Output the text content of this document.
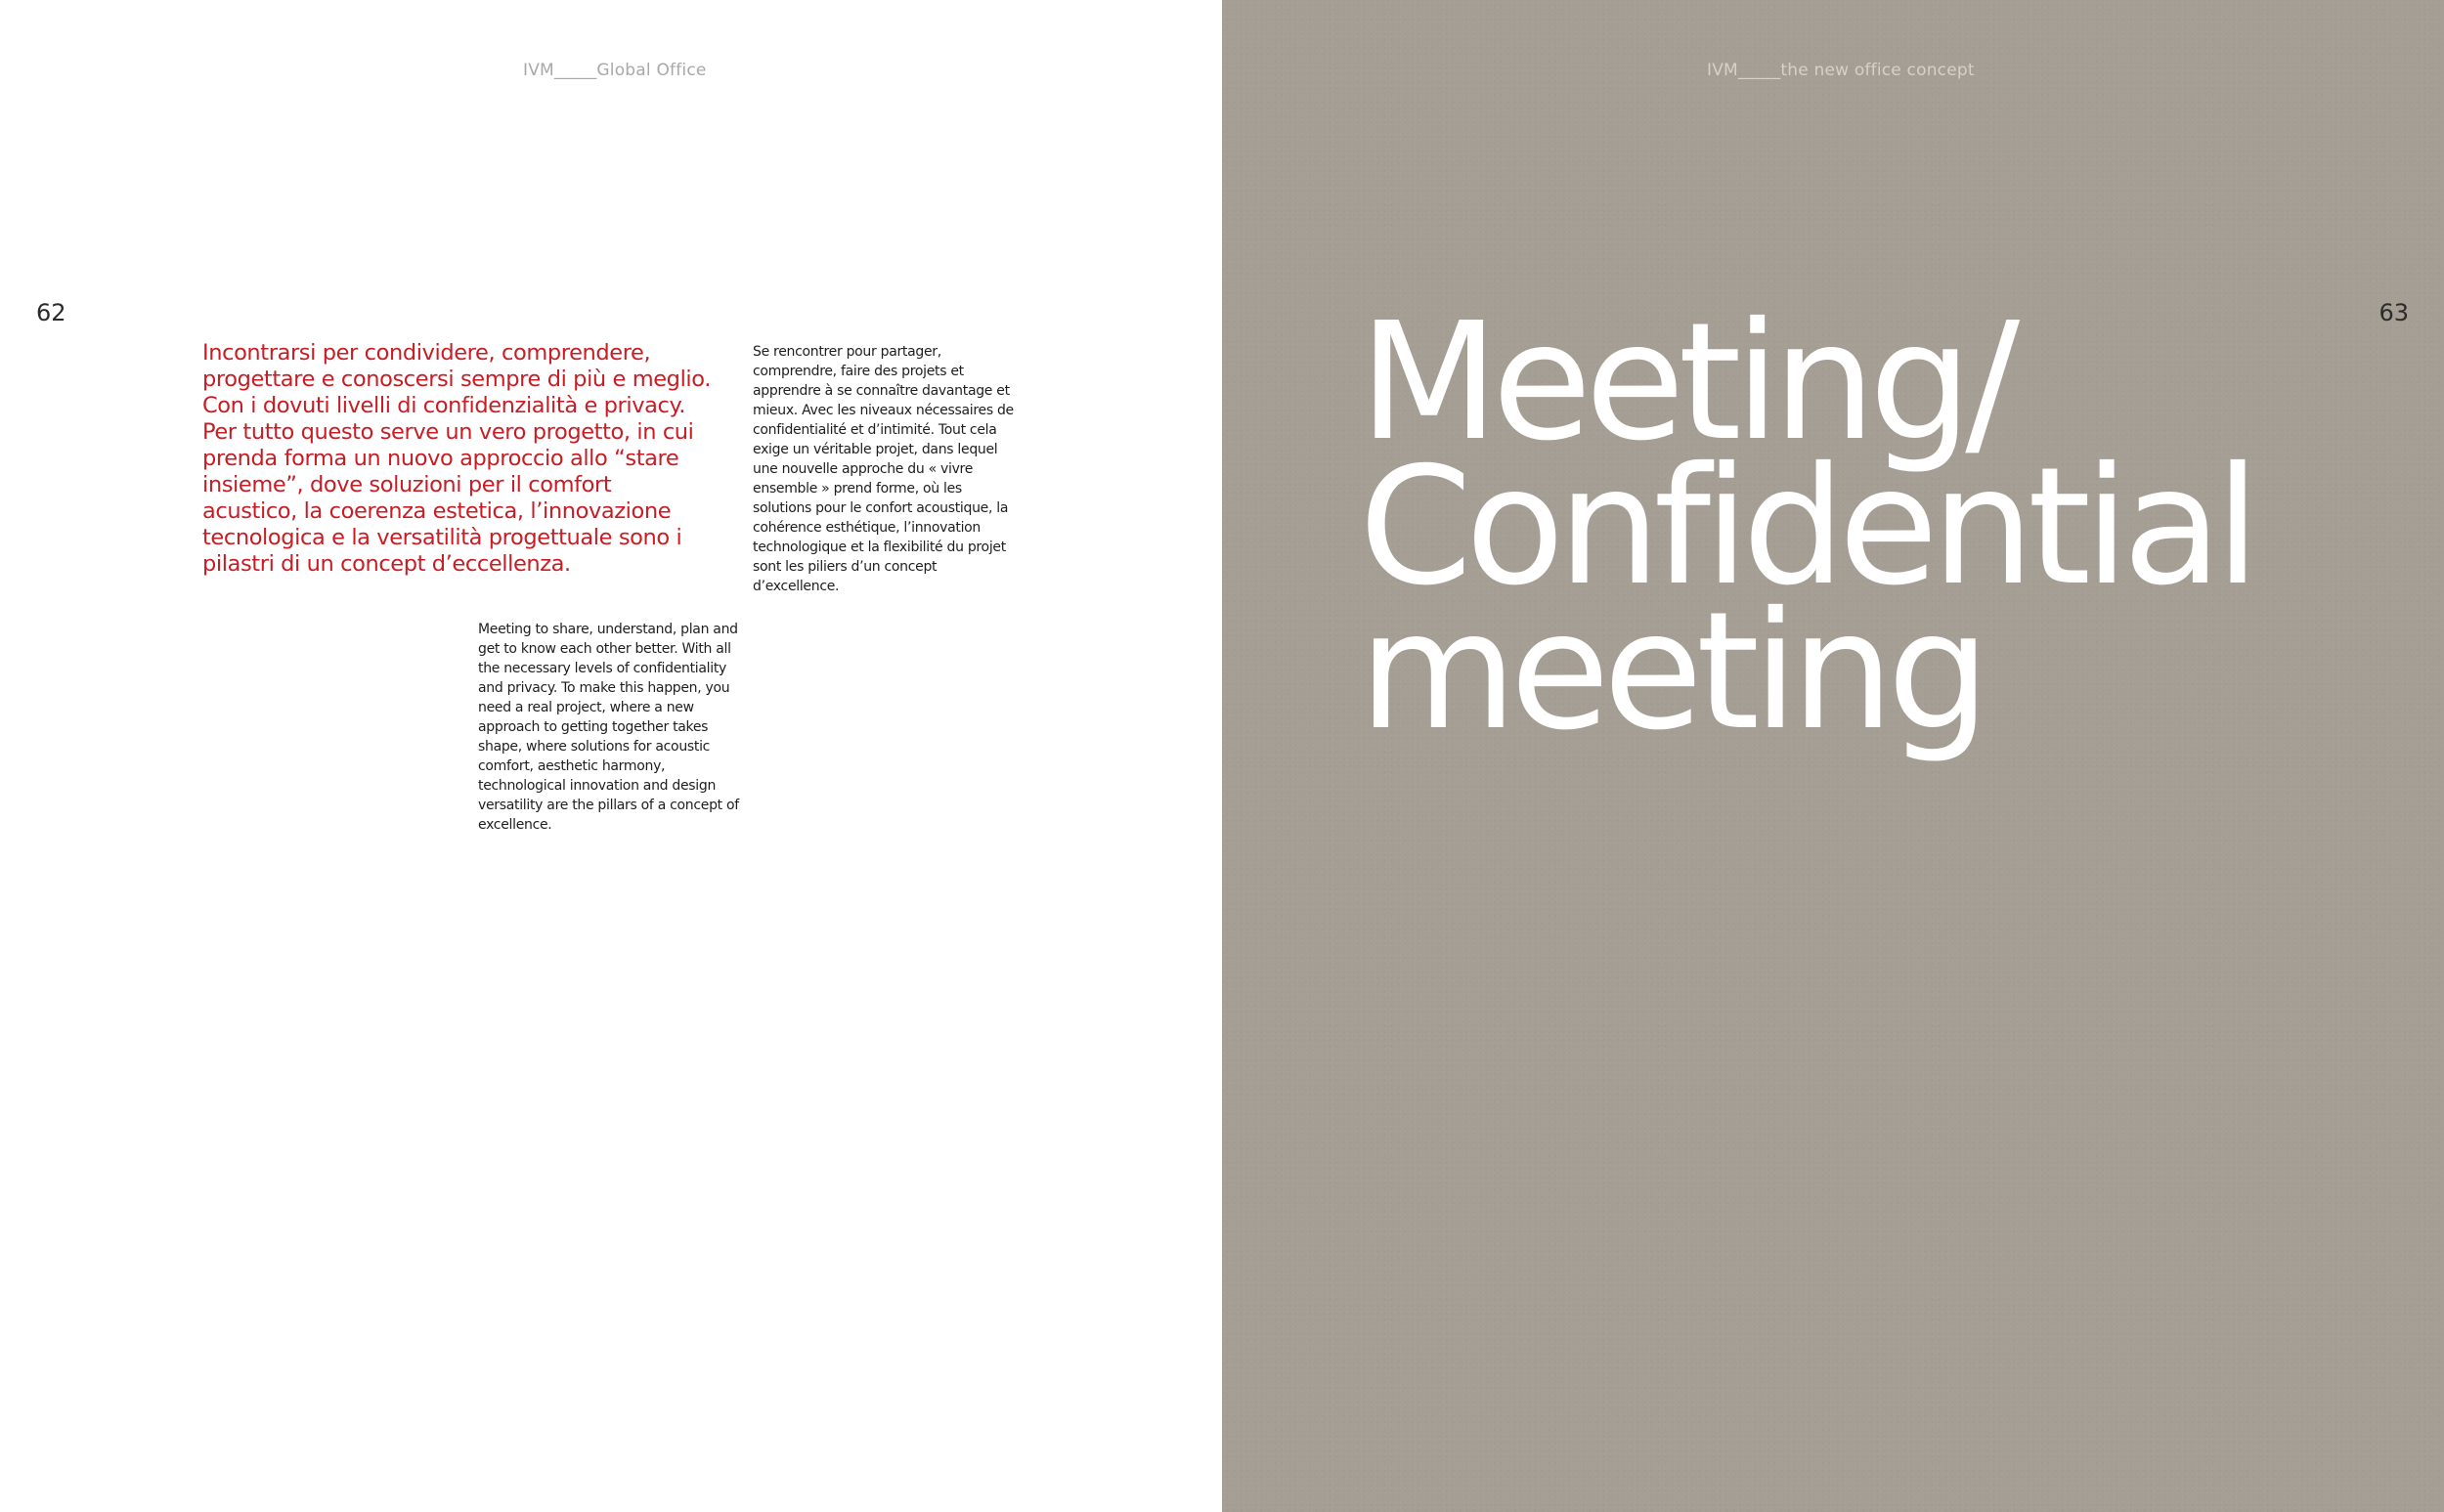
IVM_____Global Office
62

Incontrarsi per condividere, comprendere, progettare e conoscersi sempre di più e meglio. Con i dovuti livelli di confidenzialità e privacy. Per tutto questo serve un vero progetto, in cui prenda forma un nuovo approccio allo “stare insieme”, dove soluzioni per il comfort acustico, la coerenza estetica, l’innovazione tecnologica e la versatilità progettuale sono i pilastri di un concept d’eccellenza.

Se rencontrer pour partager, comprendre, faire des projets et apprendre à se connaître davantage et mieux. Avec les niveaux nécessaires de confidentialité et d’intimité. Tout cela exige un véritable projet, dans lequel une nouvelle approche du « vivre ensemble » prend forme, où les solutions pour le confort acoustique, la cohérence esthétique, l’innovation technologique et la flexibilité du projet sont les piliers d’un concept d’excellence.

Meeting to share, understand, plan and get to know each other better. With all the necessary levels of confidentiality and privacy. To make this happen, you need a real project, where a new approach to getting together takes shape, where solutions for acoustic comfort, aesthetic harmony, technological innovation and design versatility are the pillars of a concept of excellence.

IVM_____the new office concept
63
Meeting/
Confidential
meeting
